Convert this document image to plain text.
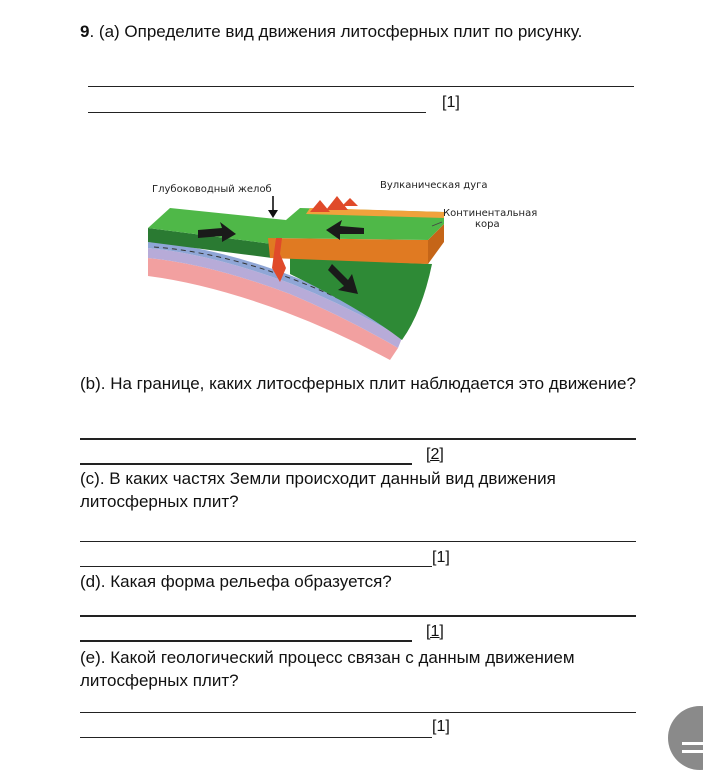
9. (a) Определите вид движения литосферных плит по рисунку.

[1]
Глубоководный желоб	Вулканическая дуга
Континентальная
кора

(b). На границе, каких литосферных плит наблюдается это движение?

[2]

(c). В каких частях Земли происходит данный вид движения литосферных плит?

[1]

(d). Какая форма рельефа образуется?

[1]

(e). Какой геологический процесс связан с данным движением литосферных плит?

[1]
